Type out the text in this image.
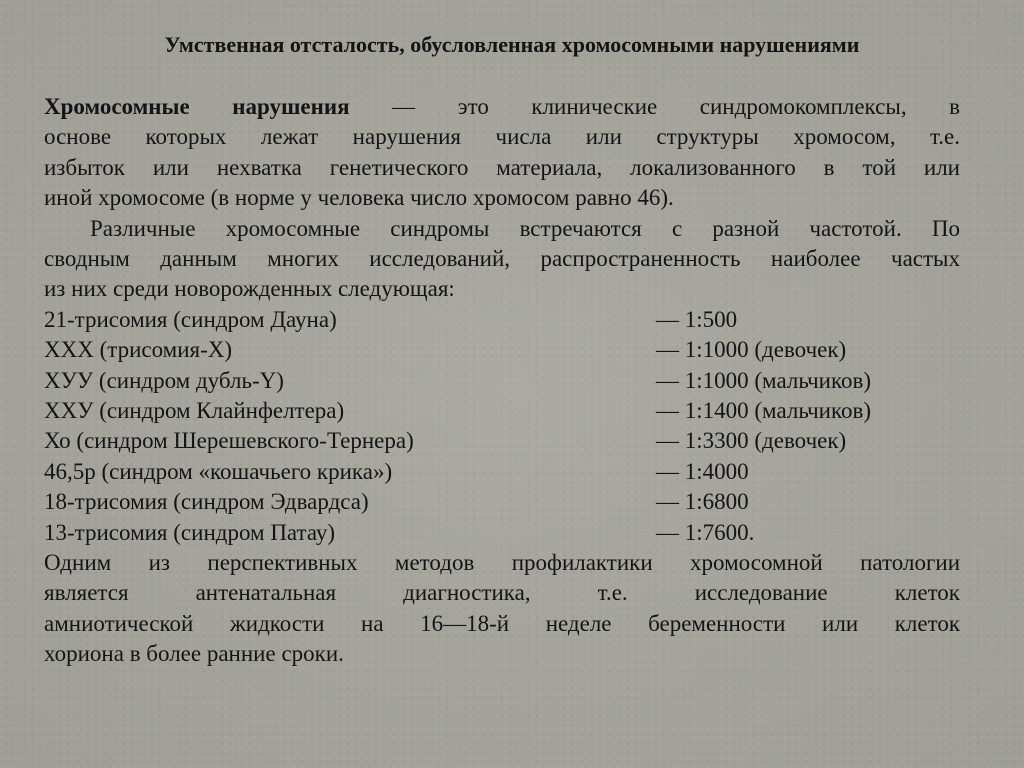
Умственная отсталость, обусловленная хромосомными нарушениями

Хромосомные нарушения — это клинические синдромокомплексы, в

основе которых лежат нарушения числа или структуры хромосом, т.е.

избыток или нехватка генетического материала, локализованного в той или

иной хромосоме (в норме у человека число хромосом равно 46).

Различные хромосомные синдромы встречаются с разной частотой. По

сводным данным многих исследований, распространенность наиболее частых

из них среди новорожденных следующая:

21-трисомия (синдром Дауна)	— 1:500
ХХХ (трисомия-Х)	— 1:1000 (девочек)
ХУУ (синдром дубль-Y)	— 1:1000 (мальчиков)
ХХУ (синдром Клайнфелтера)	— 1:1400 (мальчиков)
Хо (синдром Шерешевского-Тернера)	— 1:3300 (девочек)
46,5р (синдром «кошачьего крика»)	— 1:4000
18-трисомия (синдром Эдвардса)	— 1:6800
13-трисомия (синдром Патау)	— 1:7600.

Одним из перспективных методов профилактики хромосомной патологии

является антенатальная диагностика, т.е. исследование клеток

амниотической жидкости на 16—18-й неделе беременности или клеток

хориона в более ранние сроки.
